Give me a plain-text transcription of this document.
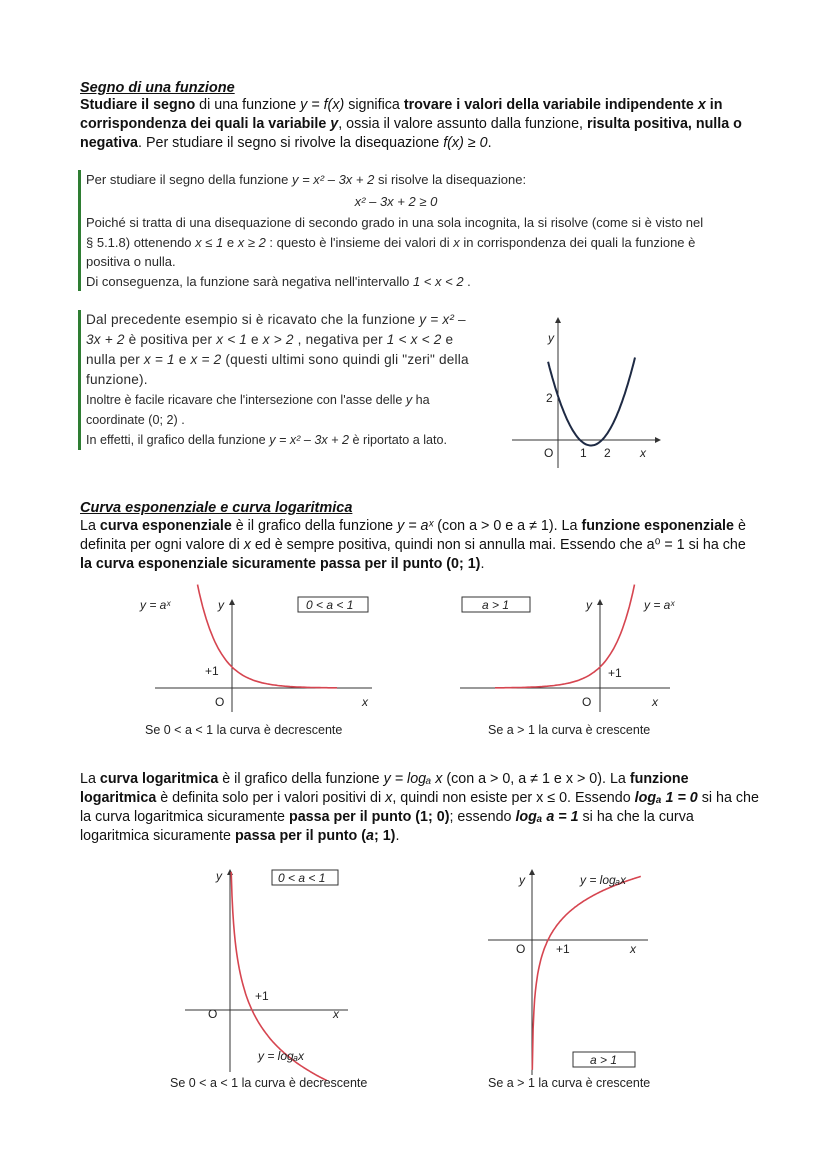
Segno di una funzione
Studiare il segno di una funzione y = f(x) significa trovare i valori della variabile indipendente x in corrispondenza dei quali la variabile y, ossia il valore assunto dalla funzione, risulta positiva, nulla o negativa. Per studiare il segno si rivolve la disequazione f(x) ≥ 0.
Per studiare il segno della funzione y = x² – 3x + 2 si risolve la disequazione:
x² – 3x + 2 ≥ 0
Poiché si tratta di una disequazione di secondo grado in una sola incognita, la si risolve (come si è visto nel § 5.1.8) ottenendo x ≤ 1 e x ≥ 2 : questo è l'insieme dei valori di x in corrispondenza dei quali la funzione è positiva o nulla.
Di conseguenza, la funzione sarà negativa nell'intervallo 1 < x < 2 .
Dal precedente esempio si è ricavato che la funzione y = x² – 3x + 2 è positiva per x < 1 e x > 2 , negativa per 1 < x < 2 e nulla per x = 1 e x = 2 (questi ultimi sono quindi gli "zeri" della funzione).
Inoltre è facile ricavare che l'intersezione con l'asse delle y ha coordinate (0; 2) .
In effetti, il grafico della funzione y = x² – 3x + 2 è riportato a lato.
y
2
O 1 2 x
y = aˣ	y	0 < a < 1
+1
O	x
a > 1	y	y = aˣ
+1
O	x
y	0 < a < 1
+1
O	x
y = logₐx
y	y = logₐx
O	+1	x
a > 1
Curva esponenziale e curva logaritmica
La curva esponenziale è il grafico della funzione y = aˣ (con a > 0 e a ≠ 1). La funzione esponenziale è definita per ogni valore di x ed è sempre positiva, quindi non si annulla mai. Essendo che a⁰ = 1 si ha che la curva esponenziale sicuramente passa per il punto (0; 1).
Se 0 < a < 1 la curva è decrescente	Se a > 1 la curva è crescente
La curva logaritmica è il grafico della funzione y = logₐ x (con a > 0, a ≠ 1 e x > 0). La funzione logaritmica è definita solo per i valori positivi di x, quindi non esiste per x ≤ 0. Essendo logₐ 1 = 0 si ha che la curva logaritmica sicuramente passa per il punto (1; 0); essendo logₐ a = 1 si ha che la curva logaritmica sicuramente passa per il punto (a; 1).
Se 0 < a < 1 la curva è decrescente	Se a > 1 la curva è crescente
